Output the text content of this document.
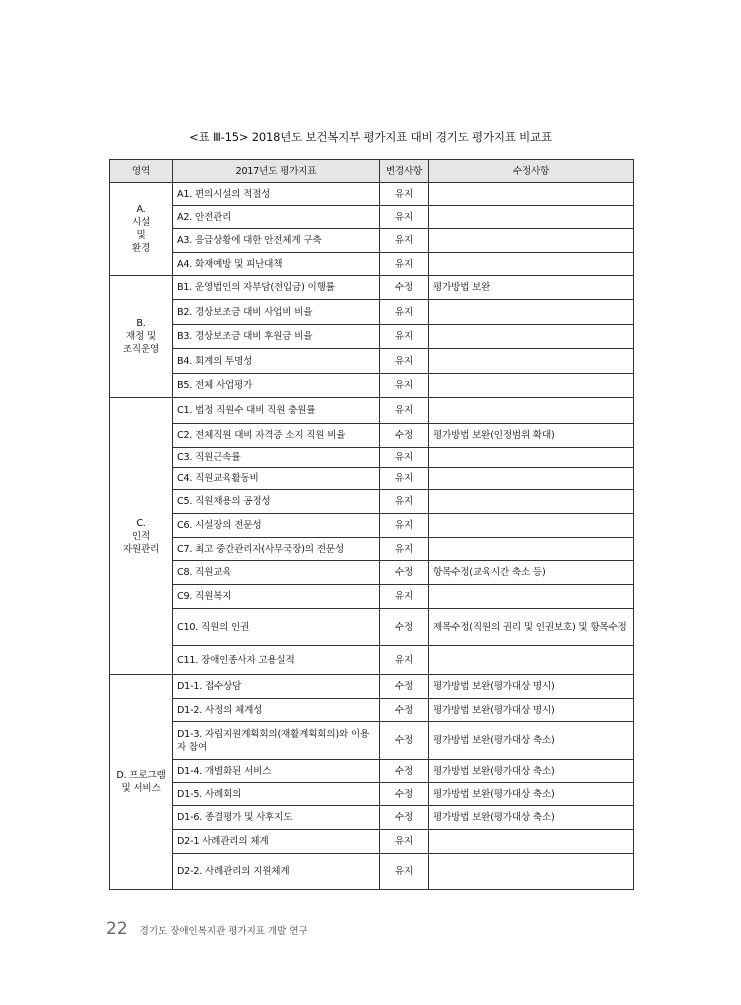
<표 Ⅲ-15> 2018년도 보건복지부 평가지표 대비 경기도 평가지표 비교표
영역	2017년도 평가지표	변경사항	수정사항

A.
시설
및
환경	A1. 편의시설의 적절성	유지	
	A2. 안전관리	유지	
	A3. 응급상황에 대한 안전체계 구축	유지	
	A4. 화재예방 및 피난대책	유지	

B.
재정 및
조직운영	B1. 운영법인의 자부담(전입금) 이행률	수정	평가방법 보완
	B2. 경상보조금 대비 사업비 비율	유지	
	B3. 경상보조금 대비 후원금 비율	유지	
	B4. 회계의 투명성	유지	
	B5. 전체 사업평가	유지	

C.
인적
자원관리	C1. 법정 직원수 대비 직원 충원률	유지	
	C2. 전체직원 대비 자격증 소지 직원 비율	수정	평가방법 보완(인정범위 확대)
	C3. 직원근속률	유지	
	C4. 직원교육활동비	유지	
	C5. 직원채용의 공정성	유지	
	C6. 시설장의 전문성	유지	
	C7. 최고 중간관리자(사무국장)의 전문성	유지	
	C8. 직원교육	수정	항목수정(교육시간 축소 등)
	C9. 직원복지	유지	
	C10. 직원의 인권	수정	제목수정(직원의 권리 및 인권보호) 및 항목수정
	C11. 장애인종사자 고용실적	유지	

D. 프로그램
및 서비스	D1-1. 접수상담	수정	평가방법 보완(평가대상 명시)
	D1-2. 사정의 체계성	수정	평가방법 보완(평가대상 명시)
	D1-3. 자립지원계획회의(재활계획회의)와 이용자 참여	수정	평가방법 보완(평가대상 축소)
	D1-4. 개별화된 서비스	수정	평가방법 보완(평가대상 축소)
	D1-5. 사례회의	수정	평가방법 보완(평가대상 축소)
	D1-6. 종결평가 및 사후지도	수정	평가방법 보완(평가대상 축소)
	D2-1 사례관리의 체계	유지	
	D2-2. 사례관리의 지원체계	유지	
22 경기도 장애인복지관 평가지표 개발 연구
